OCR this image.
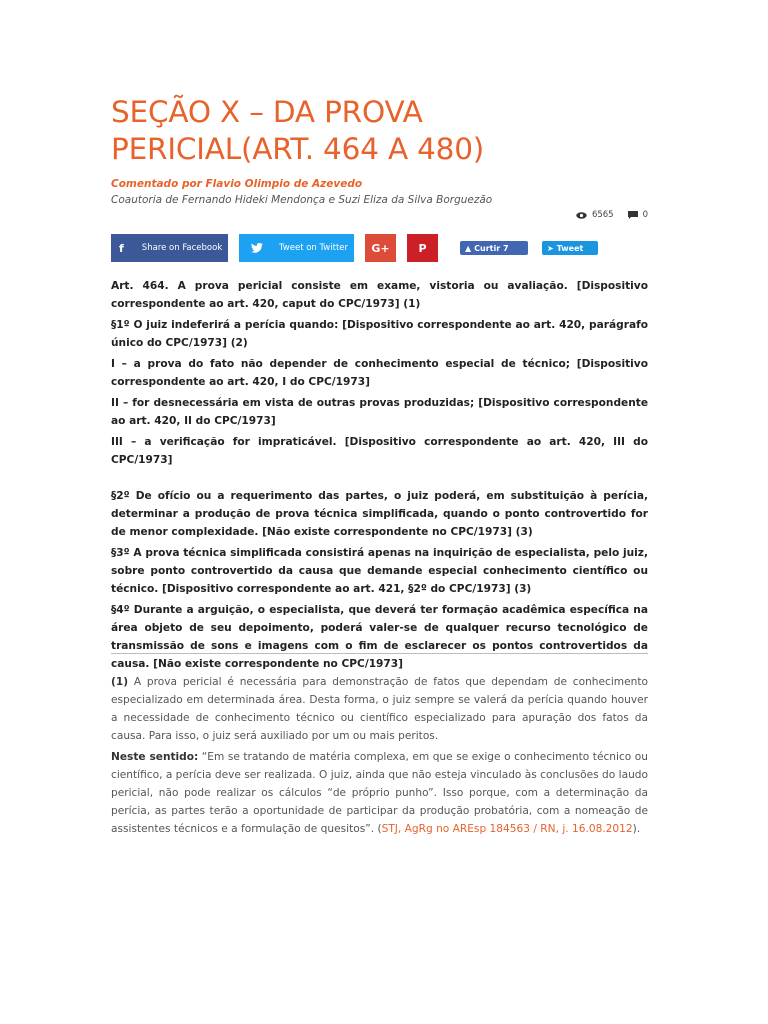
SEÇÃO X – DA PROVA
PERICIAL(ART. 464 A 480)
Comentado por Flavio Olimpio de Azevedo
Coautoria de Fernando Hideki Mendonça e Suzi Eliza da Silva Borguezão
6565	0
f Share on Facebook	Tweet on Twitter G+	P	▲ Curtir 7	➤ Tweet

Art. 464. A prova pericial consiste em exame, vistoria ou avaliação. [Dispositivo correspondente ao art. 420, caput do CPC/1973] (1)

§1º O juiz indeferirá a perícia quando: [Dispositivo correspondente ao art. 420, parágrafo único do CPC/1973] (2)

I – a prova do fato não depender de conhecimento especial de técnico; [Dispositivo correspondente ao art. 420, I do CPC/1973]

II – for desnecessária em vista de outras provas produzidas; [Dispositivo correspondente ao art. 420, II do CPC/1973]

III – a verificação for impraticável. [Dispositivo correspondente ao art. 420, III do CPC/1973]

§2º De ofício ou a requerimento das partes, o juiz poderá, em substituição à perícia, determinar a produção de prova técnica simplificada, quando o ponto controvertido for de menor complexidade. [Não existe correspondente no CPC/1973] (3)

§3º A prova técnica simplificada consistirá apenas na inquirição de especialista, pelo juiz, sobre ponto controvertido da causa que demande especial conhecimento científico ou técnico. [Dispositivo correspondente ao art. 421, §2º do CPC/1973] (3)

§4º Durante a arguição, o especialista, que deverá ter formação acadêmica específica na área objeto de seu depoimento, poderá valer-se de qualquer recurso tecnológico de transmissão de sons e imagens com o fim de esclarecer os pontos controvertidos da causa. [Não existe correspondente no CPC/1973]

(1) A prova pericial é necessária para demonstração de fatos que dependam de conhecimento especializado em determinada área. Desta forma, o juiz sempre se valerá da perícia quando houver a necessidade de conhecimento técnico ou científico especializado para apuração dos fatos da causa. Para isso, o juiz será auxiliado por um ou mais peritos.

Neste sentido: “Em se tratando de matéria complexa, em que se exige o conhecimento técnico ou científico, a perícia deve ser realizada. O juiz, ainda que não esteja vinculado às conclusões do laudo pericial, não pode realizar os cálculos “de próprio punho”. Isso porque, com a determinação da perícia, as partes terão a oportunidade de participar da produção probatória, com a nomeação de assistentes técnicos e a formulação de quesitos”. (STJ, AgRg no AREsp 184563 / RN, j. 16.08.2012).
